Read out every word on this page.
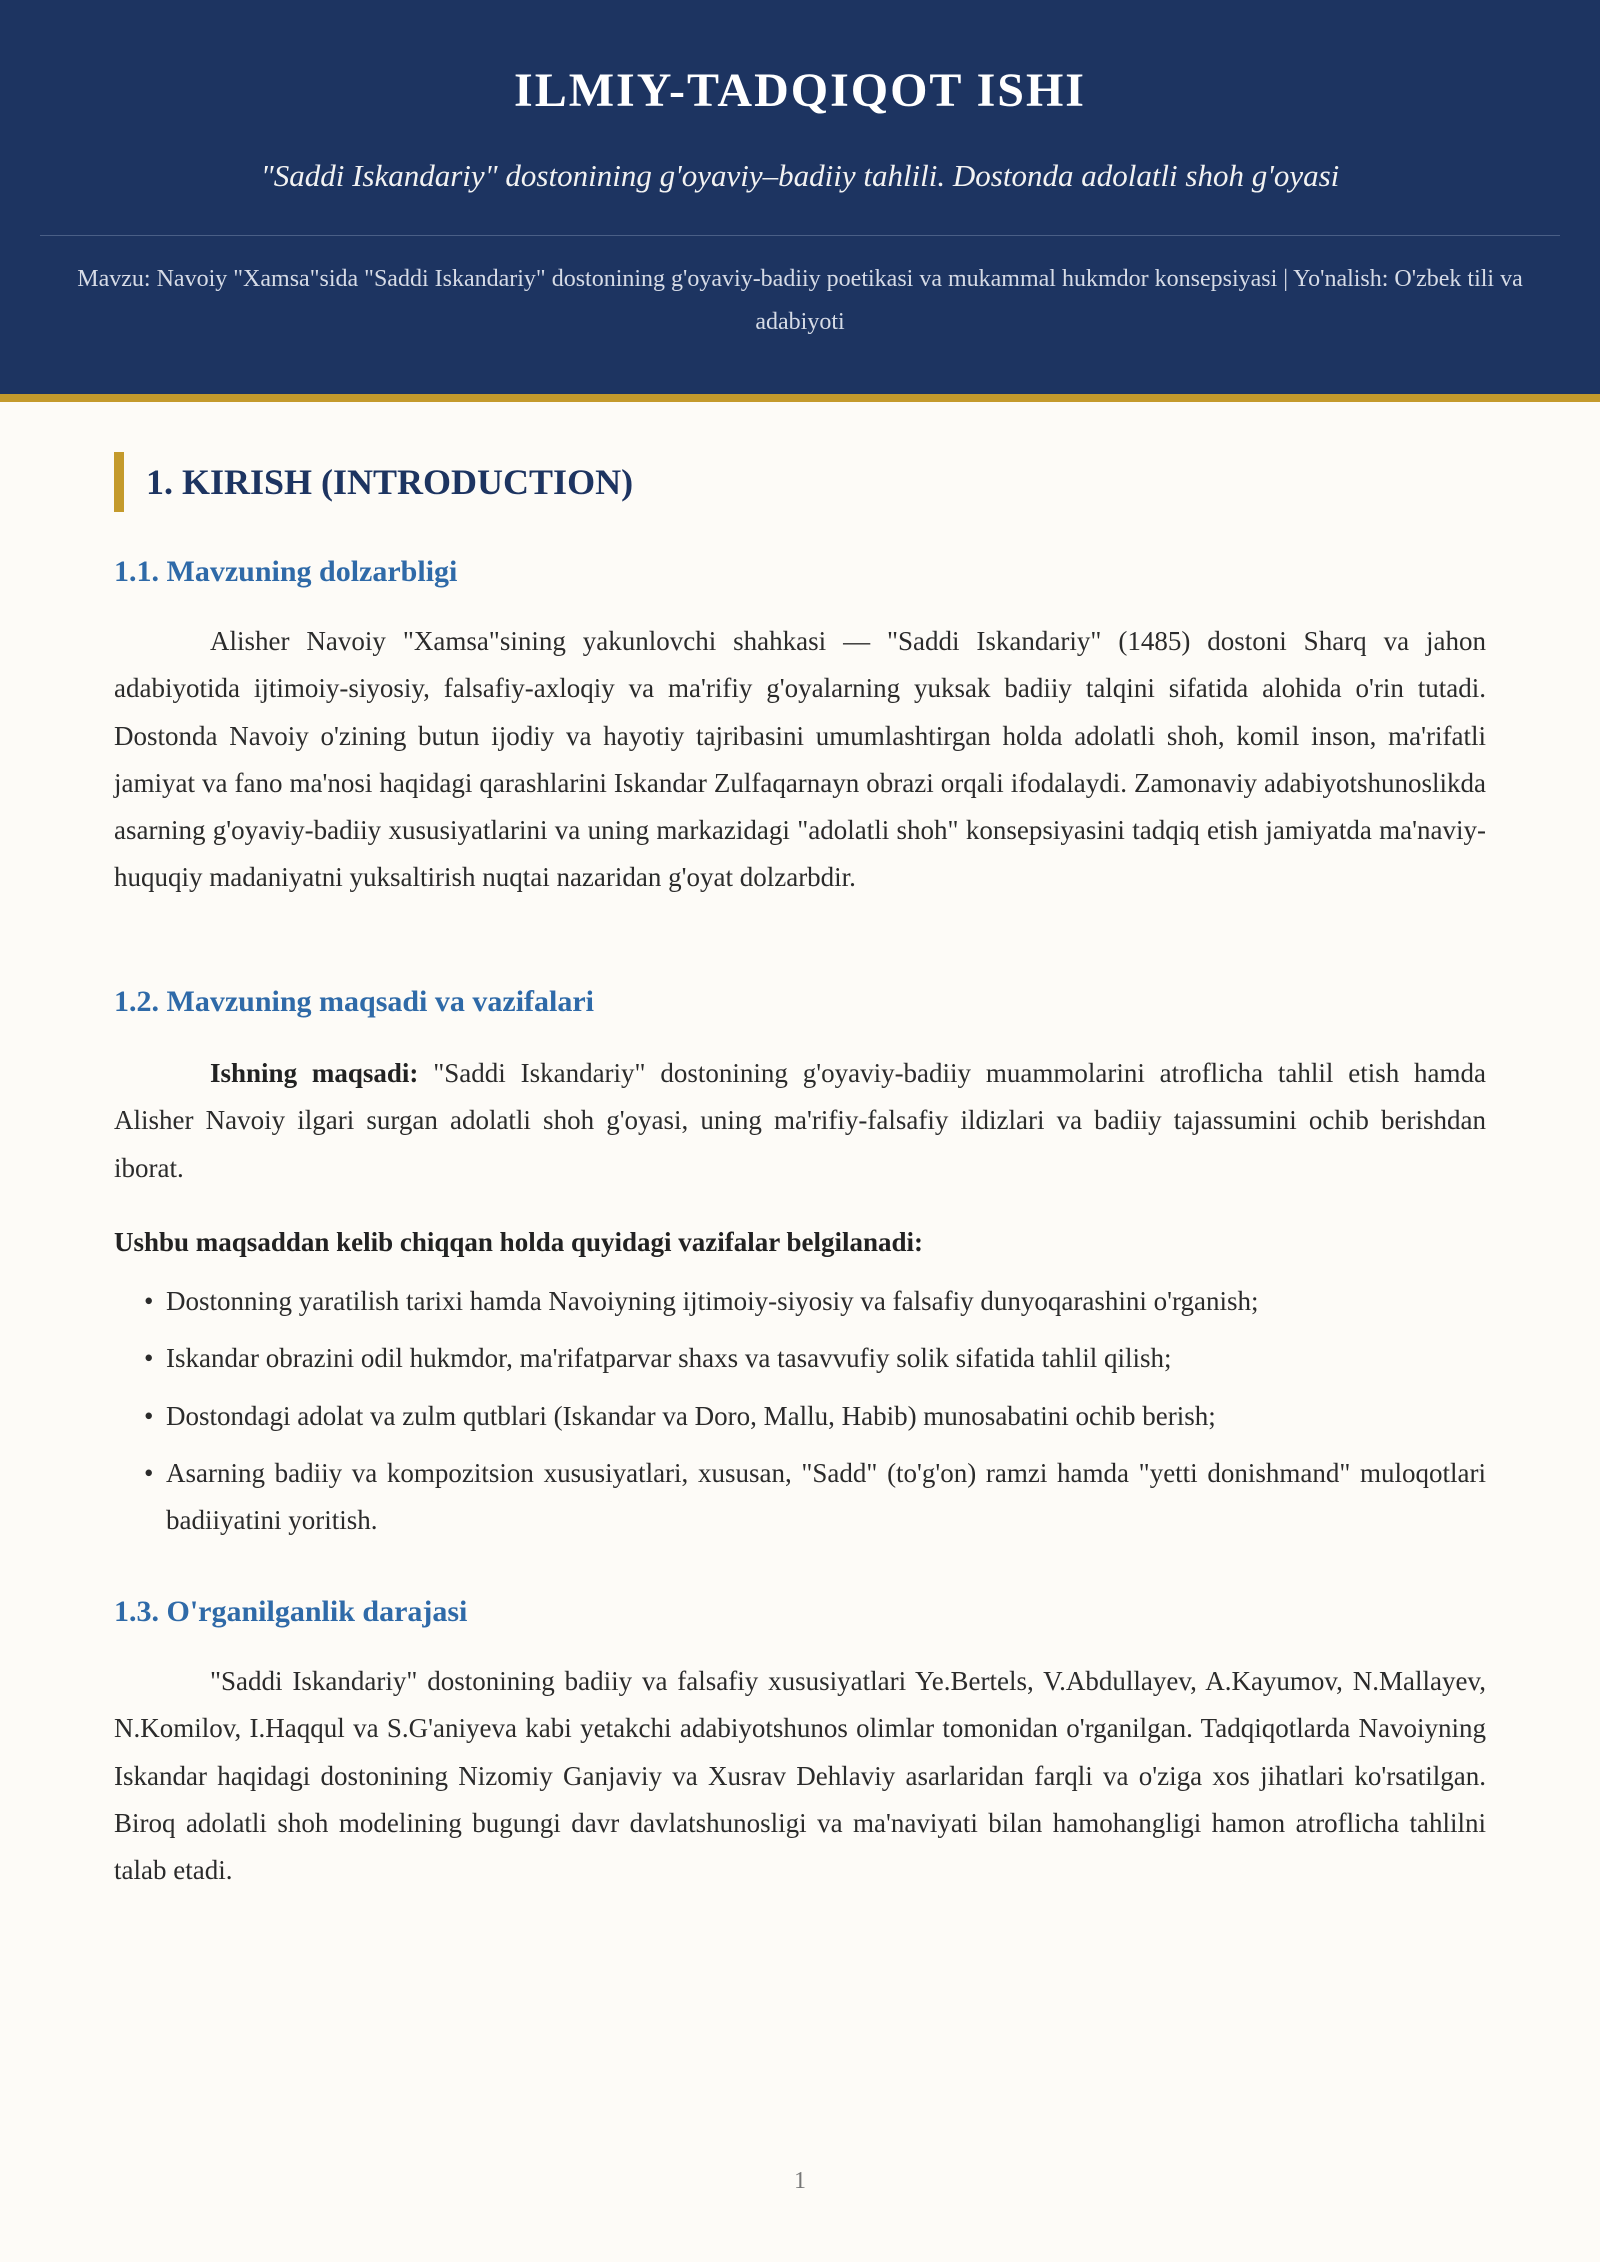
ILMIY-TADQIQOT ISHI
"Saddi Iskandariy" dostonining g'oyaviy–badiiy tahlili. Dostonda adolatli shoh g'oyasi
Mavzu: Navoiy "Xamsa"sida "Saddi Iskandariy" dostonining g'oyaviy-badiiy poetikasi va mukammal hukmdor konsepsiyasi | Yo'nalish: O'zbek tili va adabiyoti
1. KIRISH (INTRODUCTION)
1.1. Mavzuning dolzarbligi

Alisher Navoiy "Xamsa"sining yakunlovchi shahkasi — "Saddi Iskandariy" (1485) dostoni Sharq va jahon adabiyotida ijtimoiy-siyosiy, falsafiy-axloqiy va ma'rifiy g'oyalarning yuksak badiiy talqini sifatida alohida o'rin tutadi. Dostonda Navoiy o'zining butun ijodiy va hayotiy tajribasini umumlashtirgan holda adolatli shoh, komil inson, ma'rifatli jamiyat va fano ma'nosi haqidagi qarashlarini Iskandar Zulfaqarnayn obrazi orqali ifodalaydi. Zamonaviy adabiyotshunoslikda asarning g'oyaviy-badiiy xususiyatlarini va uning markazidagi "adolatli shoh" konsepsiyasini tadqiq etish jamiyatda ma'naviy-huquqiy madaniyatni yuksaltirish nuqtai nazaridan g'oyat dolzarbdir.

1.2. Mavzuning maqsadi va vazifalari

Ishning maqsadi: "Saddi Iskandariy" dostonining g'oyaviy-badiiy muammolarini atroflicha tahlil etish hamda Alisher Navoiy ilgari surgan adolatli shoh g'oyasi, uning ma'rifiy-falsafiy ildizlari va badiiy tajassumini ochib berishdan iborat.

Ushbu maqsaddan kelib chiqqan holda quyidagi vazifalar belgilanadi:
• Dostonning yaratilish tarixi hamda Navoiyning ijtimoiy-siyosiy va falsafiy dunyoqarashini o'rganish;
• Iskandar obrazini odil hukmdor, ma'rifatparvar shaxs va tasavvufiy solik sifatida tahlil qilish;
• Dostondagi adolat va zulm qutblari (Iskandar va Doro, Mallu, Habib) munosabatini ochib berish;
• Asarning badiiy va kompozitsion xususiyatlari, xususan, "Sadd" (to'g'on) ramzi hamda "yetti donishmand" muloqotlari badiiyatini yoritish.
1.3. O'rganilganlik darajasi

"Saddi Iskandariy" dostonining badiiy va falsafiy xususiyatlari Ye.Bertels, V.Abdullayev, A.Kayumov, N.Mallayev, N.Komilov, I.Haqqul va S.G'aniyeva kabi yetakchi adabiyotshunos olimlar tomonidan o'rganilgan. Tadqiqotlarda Navoiyning Iskandar haqidagi dostonining Nizomiy Ganjaviy va Xusrav Dehlaviy asarlaridan farqli va o'ziga xos jihatlari ko'rsatilgan. Biroq adolatli shoh modelining bugungi davr davlatshunosligi va ma'naviyati bilan hamohangligi hamon atroflicha tahlilni talab etadi.

1
